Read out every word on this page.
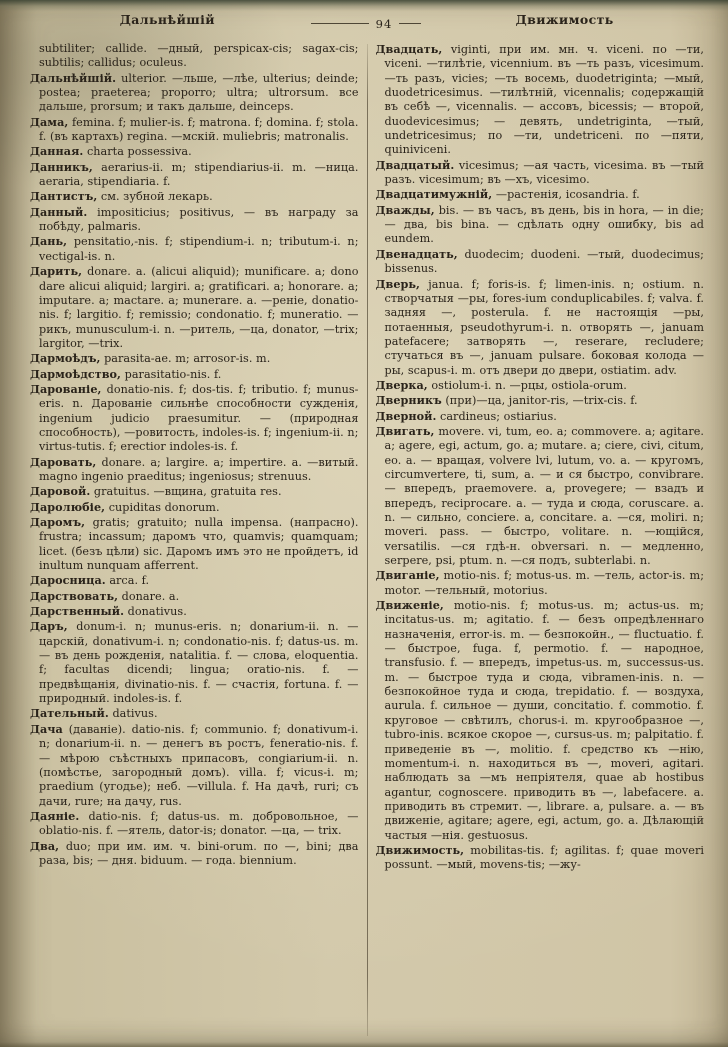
Дальнѣйшій	94	Движимость

subtiliter; callide. —дный, perspicax-cis; sagax-cis; subtilis; callidus; oculeus.

Дальнѣйшій. ulterior. —льше, —лѣе, ulterius; deinde; postea; praeterea; proporro; ultra; ultrorsum. все дальше, prorsum; и такъ дальше, deinceps.

Дама, femina. f; mulier-is. f; matrona. f; domina. f; stola. f. (въ картахъ) regina. —мскій. muliebris; matronalis.

Данная. charta possessiva.

Данникъ, aerarius-ii. m; stipendiarius-ii. m. —ница. aeraria, stipendiaria. f.

Дантистъ, см. зубной лекарь.

Данный. impositicius; positivus, — въ награду за побѣду, palmaris.

Дань, pensitatio,-nis. f; stipendium-i. n; tributum-i. n; vectigal-is. n.

Дарить, donare. a. (alicui aliquid); munificare. a; dono dare alicui aliquid; largiri. a; gratificari. a; honorare. a; imputare. a; mactare. a; munerare. a. —реніе, donatio-nis. f; largitio. f; remissio; condonatio. f; muneratio. —рикъ, munusculum-i. n. —ритель, —ца, donator, —trix; largitor, —trix.

Дармоѣдъ, parasita-ae. m; arrosor-is. m.

Дармоѣдство, parasitatio-nis. f.

Дарованіе, donatio-nis. f; dos-tis. f; tributio. f; munus-eris. n. Дарованіе сильнѣе способности сужденія, ingenium judicio praesumitur. — (природная способность), —ровитость, indoles-is. f; ingenium-ii. n; virtus-tutis. f; erectior indoles-is. f.

Даровать, donare. a; largire. a; impertire. a. —витый. magno ingenio praeditus; ingeniosus; strenuus.

Даровой. gratuitus. —вщина, gratuita res.

Даролюбіе, cupiditas donorum.

Даромъ, gratis; gratuito; nulla impensa. (напрасно). frustra; incassum; даромъ что, quamvis; quamquam; licet. (безъ цѣли) sic. Даромъ имъ это не пройдетъ, id inultum nunquam afferrent.

Даросница. arca. f.

Дарствовать, donare. a.

Дарственный. donativus.

Даръ, donum-i. n; munus-eris. n; donarium-ii. n. —царскій, donativum-i. n; condonatio-nis. f; datus-us. m. — въ день рожденія, natalitia. f. — слова, eloquentia. f; facultas dicendi; lingua; oratio-nis. f. — предвѣщанія, divinatio-nis. f. — счастія, fortuna. f. — природный. indoles-is. f.

Дательный. dativus.

Дача (даваніе). datio-nis. f; communio. f; donativum-i. n; donarium-ii. n. — денегъ въ ростъ, feneratio-nis. f. — мѣрою съѣстныхъ припасовъ, congiarium-ii. n. (помѣстье, загородный домъ). villa. f; vicus-i. m; praedium (угодье); неб. —villula. f. На дачѣ, ruri; съ дачи, rure; на дачу, rus.

Даяніе. datio-nis. f; datus-us. m. добровольное, — oblatio-nis. f. —ятель, dator-is; donator. —ца, — trix.

Два, duo; при им. им. ч. bini-orum. по —, bini; два раза, bis; — дня. biduum. — года. biennium.

Двадцать, viginti, при им. мн. ч. viceni. по —ти, viceni. —тилѣтіе, vicennium. въ —ть разъ, vicesimum. —ть разъ, vicies; —ть восемь, duodetriginta; —мый, duodetricesimus. —тилѣтній, vicennalis; содержащій въ себѣ —, vicennalis. — ассовъ, bicessis; — второй, duodevicesimus; — девять, undetriginta, —тый, undetricesimus; по —ти, undetriceni. по —пяти, quiniviceni.

Двадцатый. vicesimus; —ая часть, vicesima. въ —тый разъ. vicesimum; въ —хъ, vicesimo.

Двадцатимужній, —растенія, icosandria. f.

Дважды, bis. — въ часъ, въ день, bis in hora, — in die; — два, bis bina. — сдѣлать одну ошибку, bis ad eundem.

Двенадцать, duodecim; duodeni. —тый, duodecimus; bissenus.

Дверь, janua. f; foris-is. f; limen-inis. n; ostium. n. створчатыя —ры, fores-ium conduplicabiles. f; valva. f. задняя —, posterula. f. не настоящія —ры, потаенныя, pseudothyrum-i. n. отворять —, januam patefacere; затворять —, reserare, recludere; стучаться въ —, januam pulsare. боковая колода —ры, scapus-i. m. отъ двери до двери, ostiatim. adv.

Дверка, ostiolum-i. n. —рцы, ostiola-orum.

Дверникъ (при)—ца, janitor-ris, —trix-cis. f.

Дверной. cardineus; ostiarius.

Двигать, movere. vi, tum, eo. a; commovere. a; agitare. a; agere, egi, actum, go. a; mutare. a; ciere, civi, citum, eo. a. — вращая, volvere lvi, lutum, vo. a. — кругомъ, circumvertere, ti, sum, a. — и ся быстро, convibrare. — впередъ, praemovere. a, provegere; — взадъ и впередъ, reciprocare. a. — туда и сюда, coruscare. a. n. — сильно, conciere. a, concitare. a. —ся, moliri. n; moveri. pass. — быстро, volitare. n. —ющійся, versatilis. —ся гдѣ-н. obversari. n. — медленно, serpere, psi, ptum. n. —ся подъ, subterlabi. n.

Двиганіе, motio-nis. f; motus-us. m. —тель, actor-is. m; motor. —тельный, motorius.

Движеніе, motio-nis. f; motus-us. m; actus-us. m; incitatus-us. m; agitatio. f. — безъ опредѣленнаго назначенія, error-is. m. — безпокойн., — fluctuatio. f. — быстрое, fuga. f, permotio. f. — народное, transfusio. f. — впередъ, impetus-us. m, successus-us. m. — быстрое туда и сюда, vibramen-inis. n. — безпокойное туда и сюда, trepidatio. f. — воздуха, aurula. f. сильное — души, concitatio. f. commotio. f. круговое — свѣтилъ, chorus-i. m. кругообразное —, tubro-inis. всякое скорое —, cursus-us. m; palpitatio. f. приведеніе въ —, molitio. f. средство къ —нію, momentum-i. n. находиться въ —, moveri, agitari. наблюдать за —мъ непріятеля, quae ab hostibus agantur, cognoscere. приводить въ —, labefacere. a. приводить въ стремит. —, librare. a, pulsare. a. — въ движеніе, agitare; agere, egi, actum, go. a. Дѣлающій частыя —нія. gestuosus.

Движимость, mobilitas-tis. f; agilitas. f; quae moveri possunt. —мый, movens-tis; —жу-
